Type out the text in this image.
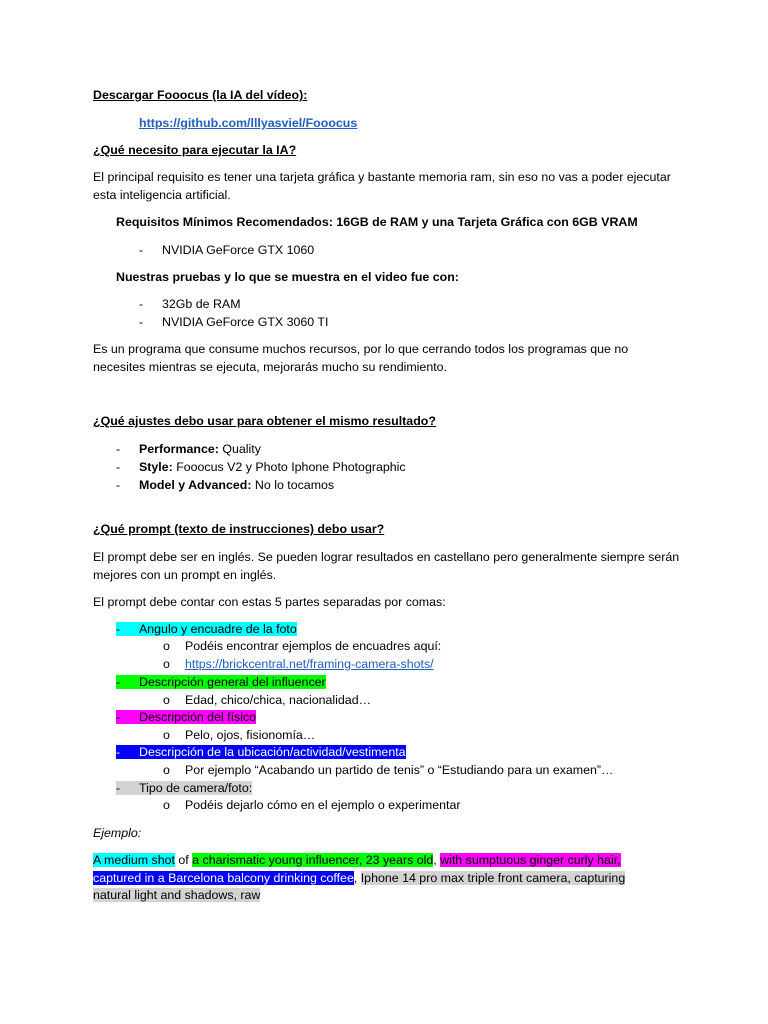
Descargar Fooocus (la IA del vídeo):
https://github.com/lllyasviel/Fooocus
¿Qué necesito para ejecutar la IA?
El principal requisito es tener una tarjeta gráfica y bastante memoria ram, sin eso no vas a poder ejecutar esta inteligencia artificial.
Requisitos Mínimos Recomendados: 16GB de RAM y una Tarjeta Gráfica con 6GB VRAM
- NVIDIA GeForce GTX 1060
Nuestras pruebas y lo que se muestra en el video fue con:
- 32Gb de RAM
- NVIDIA GeForce GTX 3060 TI
Es un programa que consume muchos recursos, por lo que cerrando todos los programas que no necesites mientras se ejecuta, mejorarás mucho su rendimiento.
¿Qué ajustes debo usar para obtener el mismo resultado?
- Performance: Quality
- Style: Fooocus V2 y Photo Iphone Photographic
- Model y Advanced: No lo tocamos
¿Qué prompt (texto de instrucciones) debo usar?
El prompt debe ser en inglés. Se pueden lograr resultados en castellano pero generalmente siempre serán mejores con un prompt en inglés.
El prompt debe contar con estas 5 partes separadas por comas:
- Angulo y encuadre de la foto
o Podéis encontrar ejemplos de encuadres aquí:
o https://brickcentral.net/framing-camera-shots/
- Descripción general del influencer
o Edad, chico/chica, nacionalidad…
- Descripción del físico
o Pelo, ojos, fisionomía…
- Descripción de la ubicación/actividad/vestimenta
o Por ejemplo “Acabando un partido de tenis” o “Estudiando para un examen”…
- Tipo de camera/foto:
o Podéis dejarlo cómo en el ejemplo o experimentar
Ejemplo:
A medium shot of a charismatic young influencer, 23 years old, with sumptuous ginger curly hair,
captured in a Barcelona balcony drinking coffee, Iphone 14 pro max triple front camera, capturing
natural light and shadows, raw
